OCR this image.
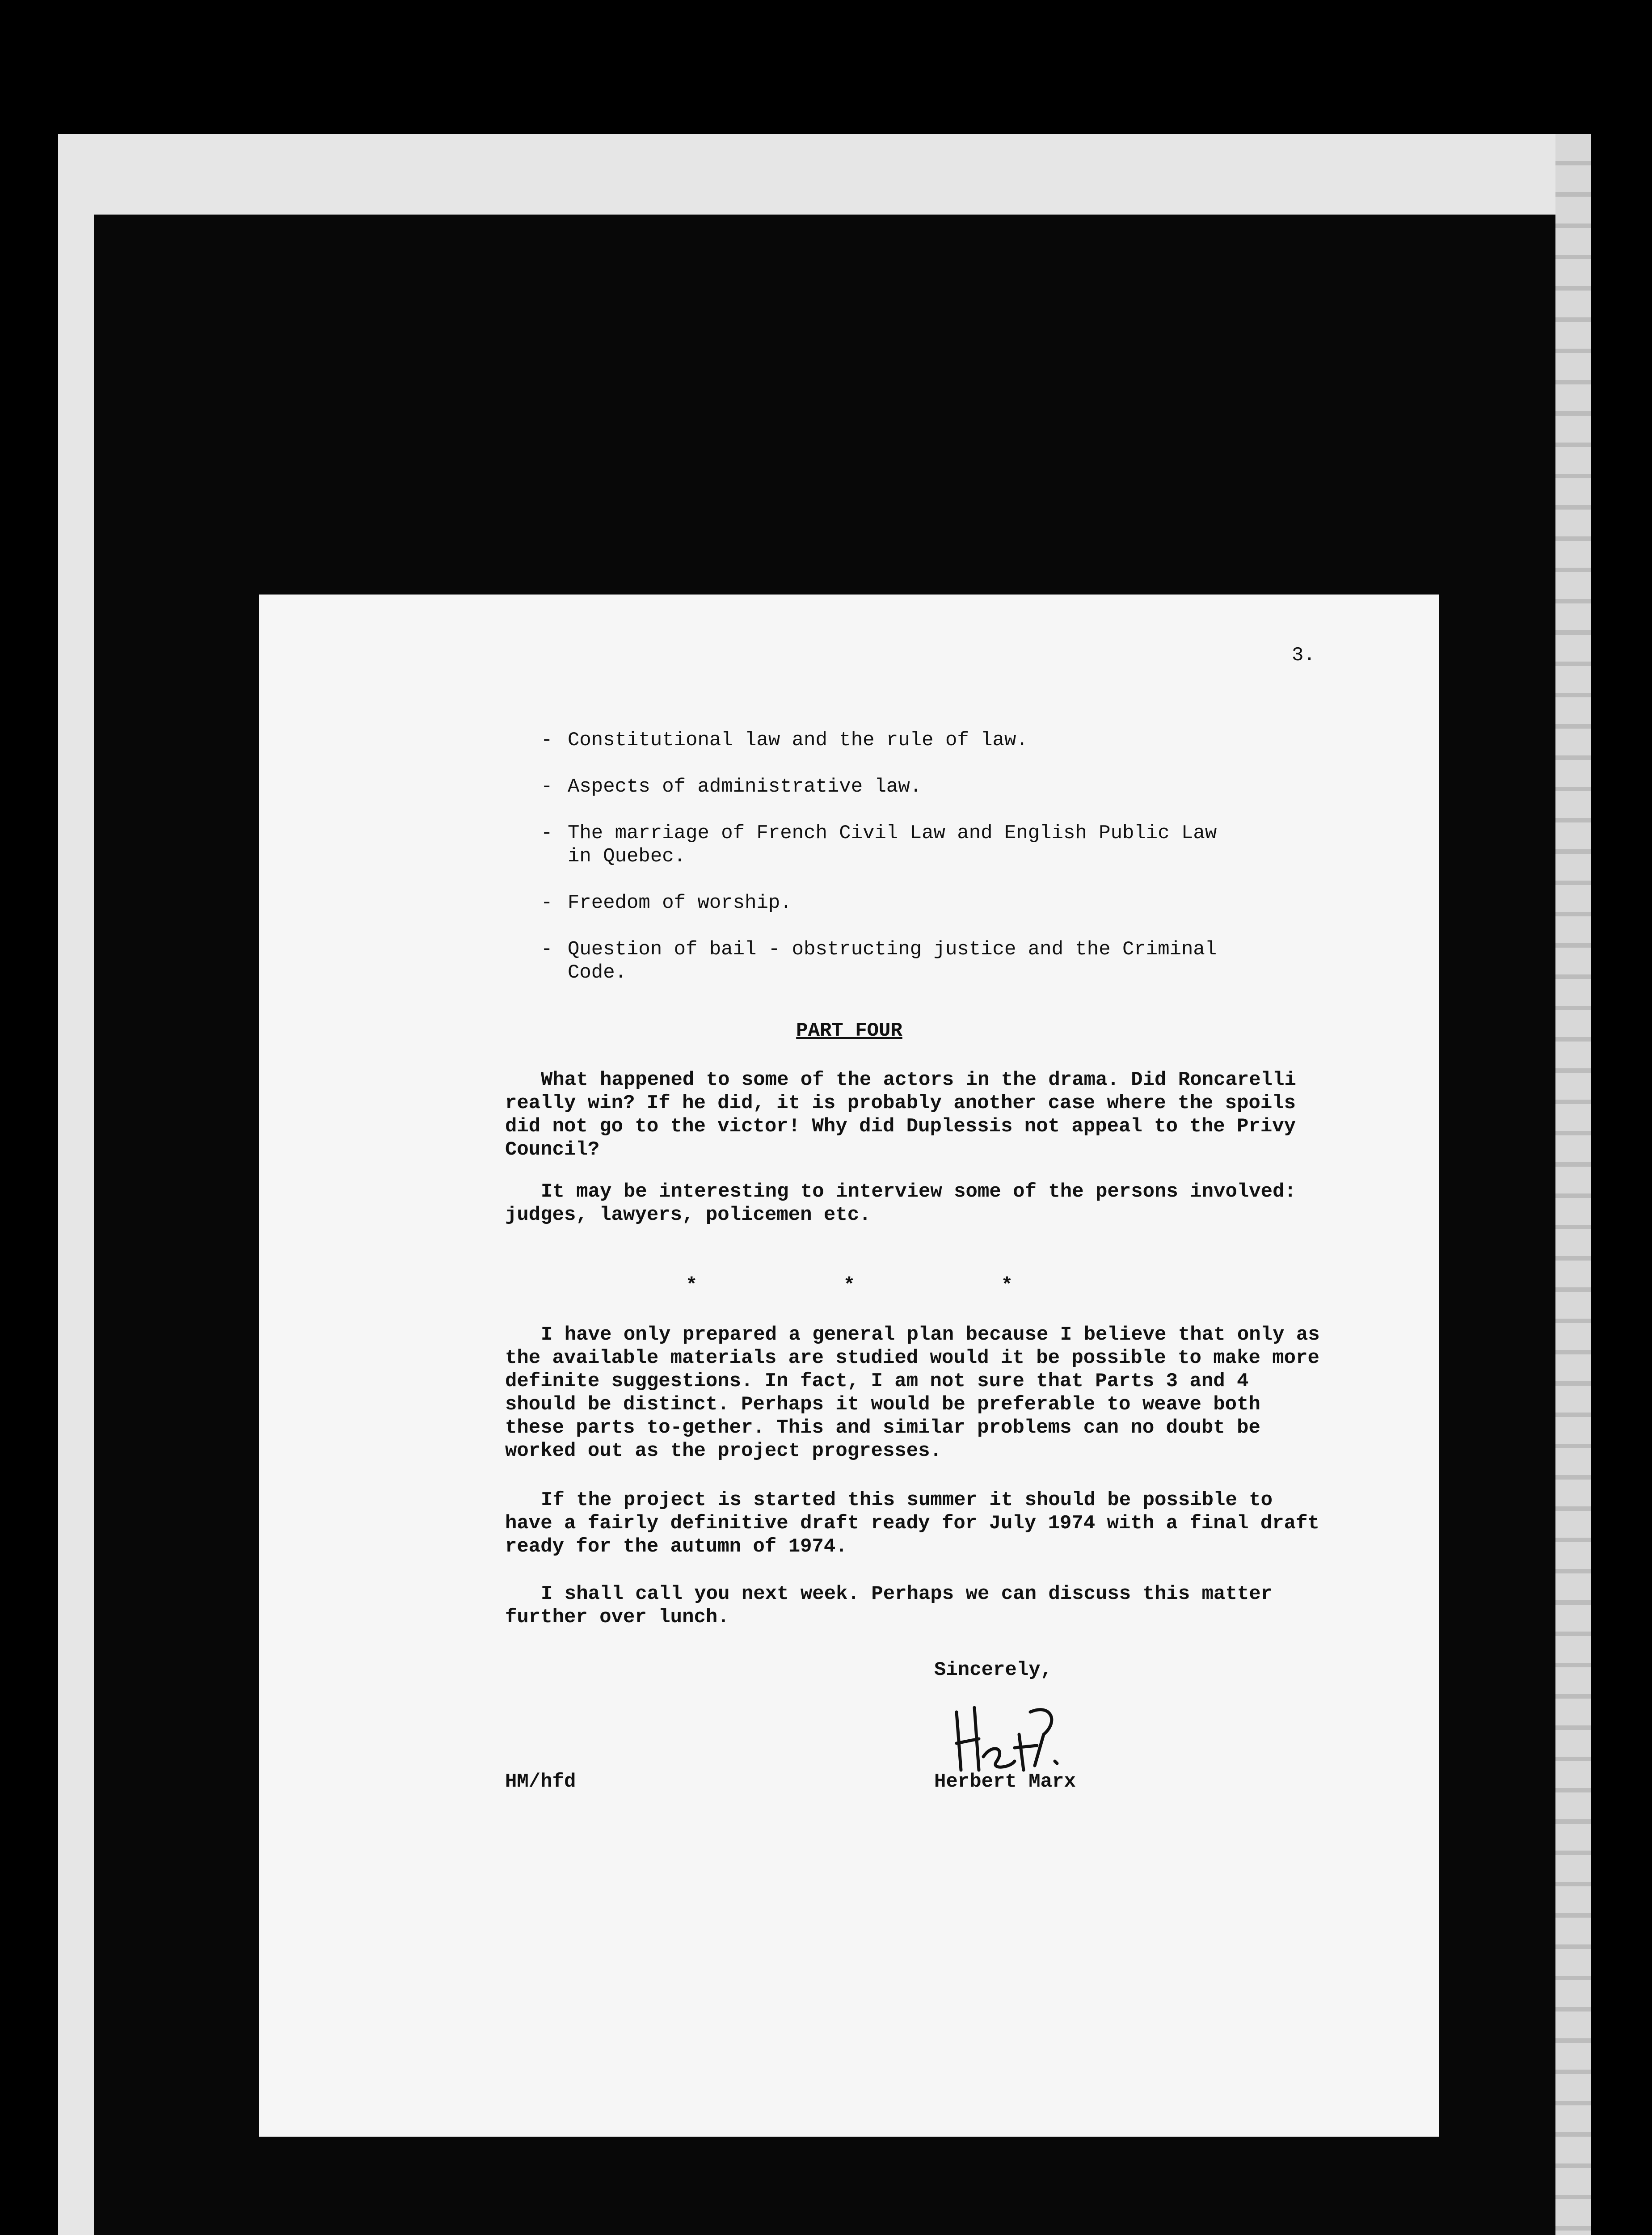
3.
- Constitutional law and the rule of law.
- Aspects of administrative law.
- The marriage of French Civil Law and English Public Law
in Quebec.
- Freedom of worship.
- Question of bail - obstructing justice and the Criminal
Code.
PART FOUR
What happened to some of the actors in the drama. Did Roncarelli really win? If he did, it is probably another case where the spoils did not go to the victor! Why did Duplessis not appeal to the Privy Council?
It may be interesting to interview some of the persons involved: judges, lawyers, policemen etc.
* * *
I have only prepared a general plan because I believe that only as the available materials are studied would it be possible to make more definite suggestions. In fact, I am not sure that Parts 3 and 4 should be distinct. Perhaps it would be preferable to weave both these parts to-gether. This and similar problems can no doubt be worked out as the project progresses.
If the project is started this summer it should be possible to have a fairly definitive draft ready for July 1974 with a final draft ready for the autumn of 1974.
I shall call you next week. Perhaps we can discuss this matter further over lunch.
Sincerely,
HM/hfd	Herbert Marx
